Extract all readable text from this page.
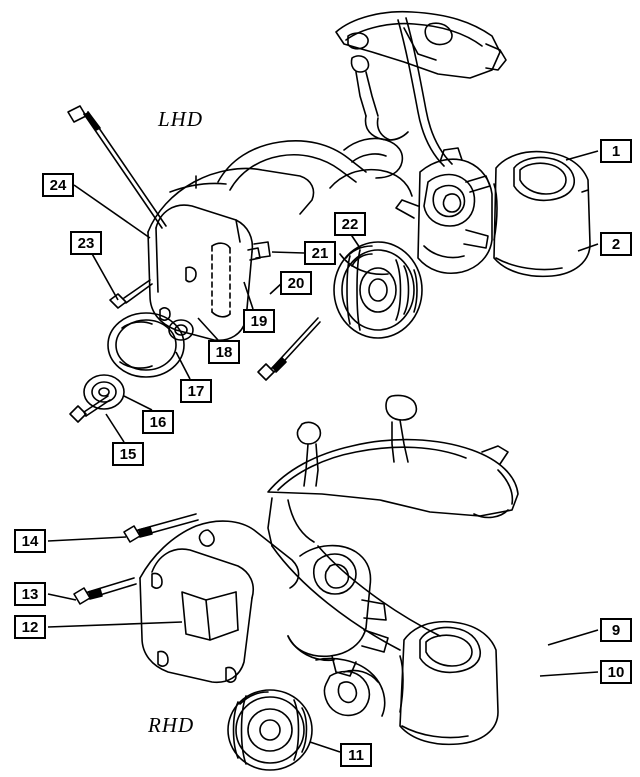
LHD
RHD
1
2
9
10
11
12
13
14
15
16
17
18
19
20
21
22
23
24
